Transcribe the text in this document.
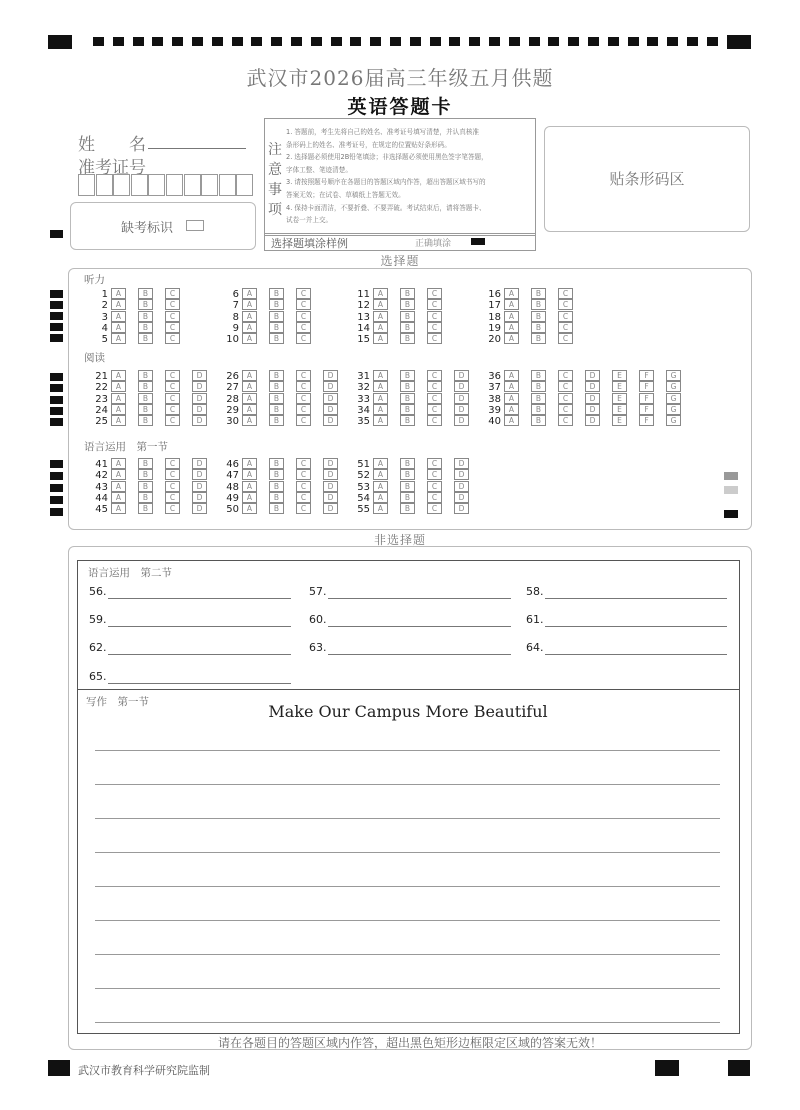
武汉市2026届高三年级五月供题
英语答题卡
姓　　名
准考证号
缺考标识
注
意
事
项
1. 答题前，考生先将自己的姓名、准考证号填写清楚，并认真核准
条形码上的姓名、准考证号，在规定的位置贴好条形码。
2. 选择题必须使用2B铅笔填涂；非选择题必须使用黑色签字笔答题，
字体工整、笔迹清楚。
3. 请按照题号顺序在各题目的答题区域内作答，超出答题区域书写的
答案无效；在试卷、草稿纸上答题无效。
4. 保持卡面清洁，不要折叠、不要弄破。考试结束后，请将答题卡、
试卷一并上交。
选择题填涂样例	正确填涂
贴条形码区
选择题
听力
阅读
语言运用　第一节
1 A	B	C
2 A	B	C
3 A	B	C
4 A	B	C
5 A	B	C
6 A	B	C
7 A	B	C
8 A	B	C
9 A	B	C
10 A	B	C
11 A	B	C
12 A	B	C
13 A	B	C
14 A	B	C
15 A	B	C
16 A	B	C
17 A	B	C
18 A	B	C
19 A	B	C
20 A	B	C
21 A	B	C	D
22 A	B	C	D
23 A	B	C	D
24 A	B	C	D
25 A	B	C	D
26 A	B	C	D
27 A	B	C	D
28 A	B	C	D
29 A	B	C	D
30 A	B	C	D
31 A	B	C	D
32 A	B	C	D
33 A	B	C	D
34 A	B	C	D
35 A	B	C	D
36 A	B	C	D	E	F	G
37 A	B	C	D	E	F	G
38 A	B	C	D	E	F	G
39 A	B	C	D	E	F	G
40 A	B	C	D	E	F	G
41 A	B	C	D
42 A	B	C	D
43 A	B	C	D
44 A	B	C	D
45 A	B	C	D
46 A	B	C	D
47 A	B	C	D
48 A	B	C	D
49 A	B	C	D
50 A	B	C	D
51 A	B	C	D
52 A	B	C	D
53 A	B	C	D
54 A	B	C	D
55 A	B	C	D
非选择题
语言运用　第二节
56.	57.	58.
59.	60.	61.
62.	63.	64.
65.
写作　第一节	Make Our Campus More Beautiful
请在各题目的答题区域内作答，超出黑色矩形边框限定区域的答案无效！
武汉市教育科学研究院监制
